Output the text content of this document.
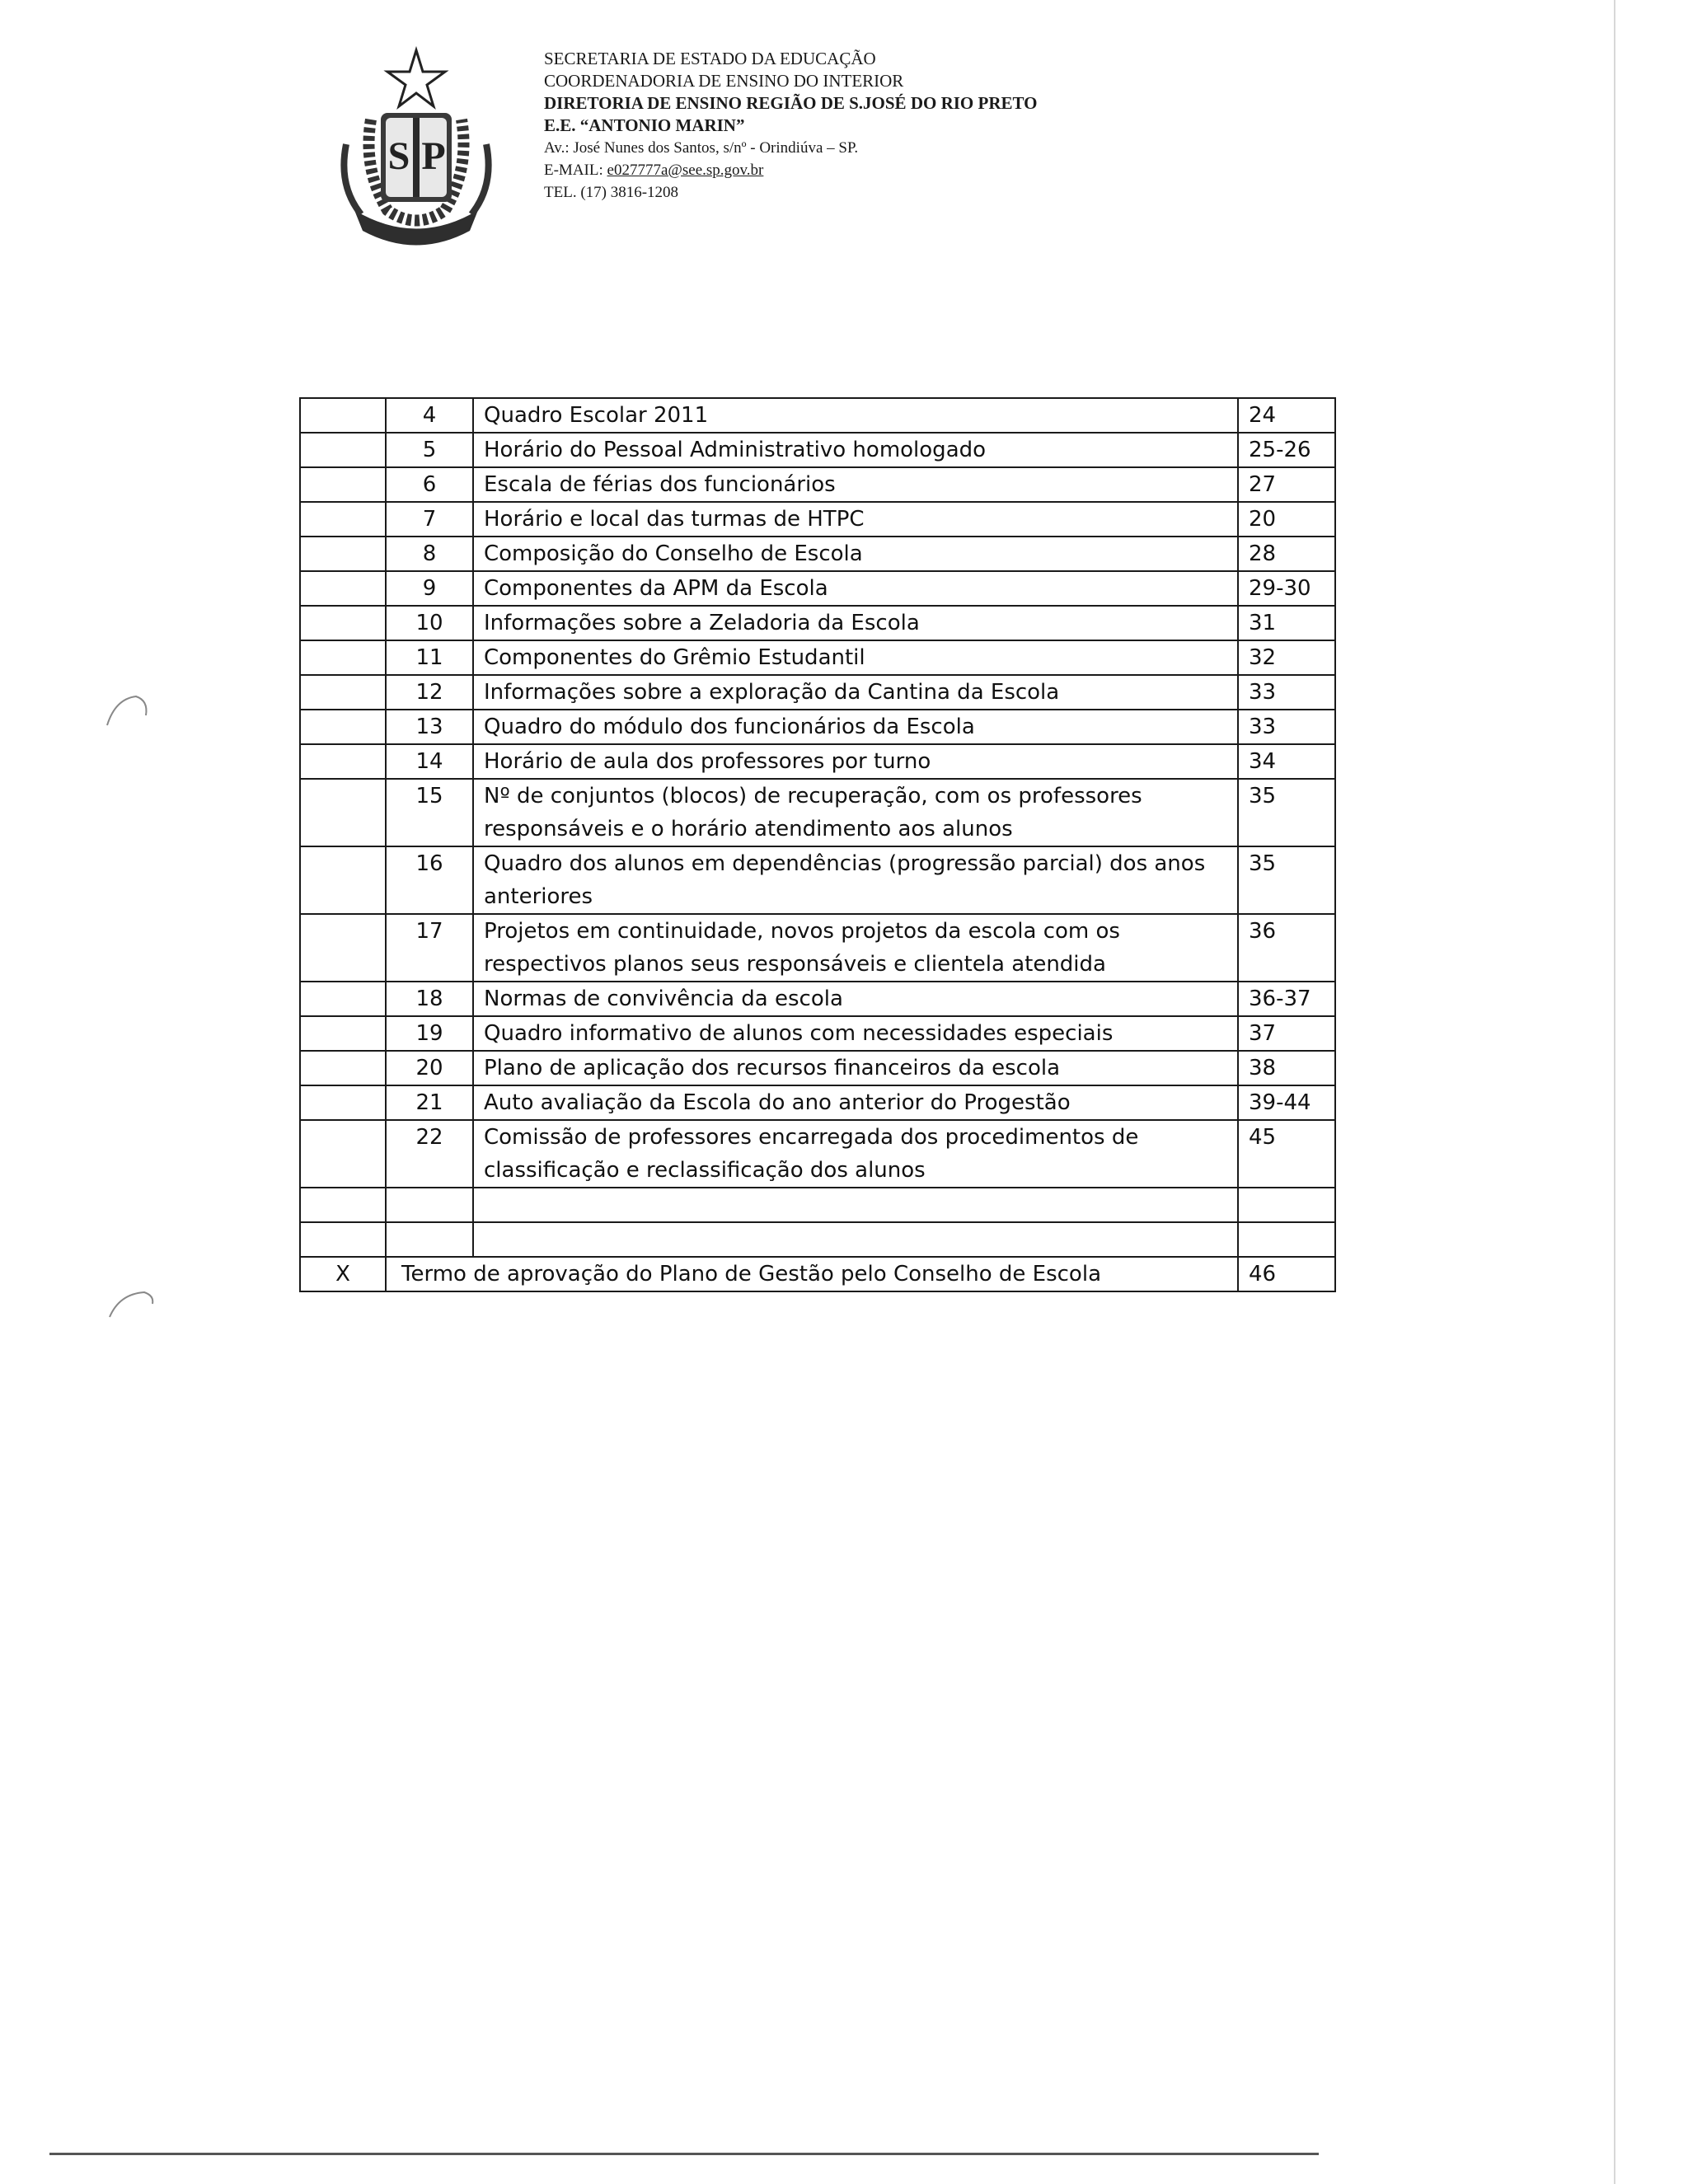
S P
SECRETARIA DE ESTADO DA EDUCAÇÃO
COORDENADORIA DE ENSINO DO INTERIOR
DIRETORIA DE ENSINO REGIÃO DE S.JOSÉ DO RIO PRETO
E.E. “ANTONIO MARIN”
Av.: José Nunes dos Santos, s/nº - Orindiúva – SP.
E-MAIL: e027777a@see.sp.gov.br
TEL. (17) 3816-1208
	4	Quadro Escolar 2011	24
	5	Horário do Pessoal Administrativo homologado	25-26
	6	Escala de férias dos funcionários	27
	7	Horário e local das turmas de HTPC	20
	8	Composição do Conselho de Escola	28
	9	Componentes da APM da Escola	29-30
	10	Informações sobre a Zeladoria da Escola	31
	11	Componentes do Grêmio Estudantil	32
	12	Informações sobre a exploração da Cantina da Escola	33
	13	Quadro do módulo dos funcionários da Escola	33
	14	Horário de aula dos professores por turno	34
	15	Nº de conjuntos (blocos) de recuperação, com os professores responsáveis e o horário atendimento aos alunos	35
	16	Quadro dos alunos em dependências (progressão parcial) dos anos anteriores	35
	17	Projetos em continuidade, novos projetos da escola com os respectivos planos seus responsáveis e clientela atendida	36
	18	Normas de convivência da escola	36-37
	19	Quadro informativo de alunos com necessidades especiais	37
	20	Plano de aplicação dos recursos financeiros da escola	38
	21	Auto avaliação da Escola do ano anterior do Progestão	39-44
	22	Comissão de professores encarregada dos procedimentos de classificação e reclassificação dos alunos	45

X	Termo de aprovação do Plano de Gestão pelo Conselho de Escola		46
